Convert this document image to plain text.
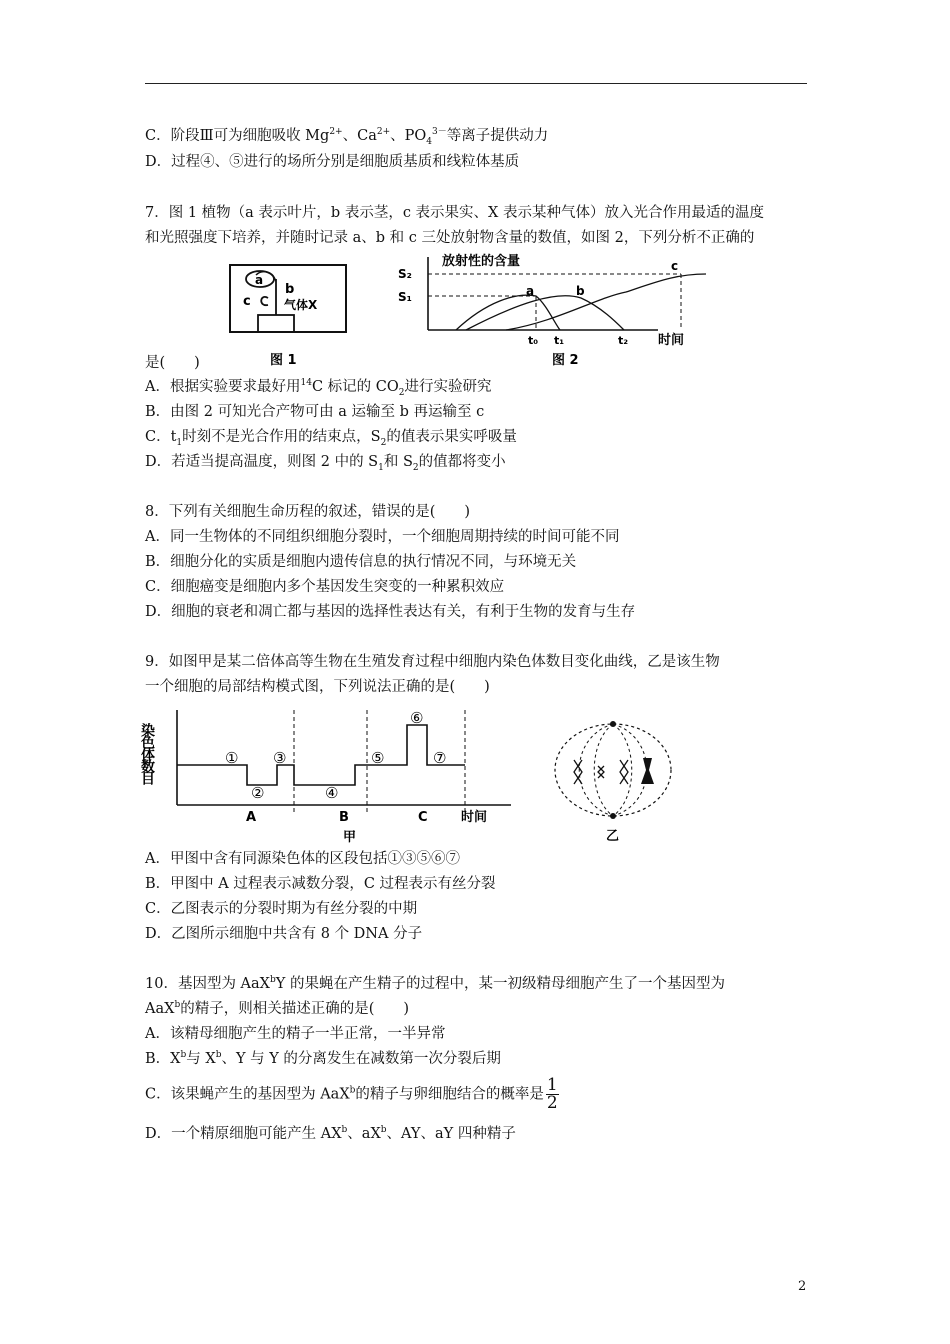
C．阶段Ⅲ可为细胞吸收 $Mg^{2+}$、$Ca^{2+}$、$PO_4^{3-}$等离子提供动力
D．过程④、⑤进行的场所分别是细胞质基质和线粒体基质
7．图 1 植物（a 表示叶片，b 表示茎，c 表示果实、X 表示某种气体）放入光合作用最适的温度
和光照强度下培养，并随时记录 a、b 和 c 三处放射物含量的数值，如图 2，下列分析不正确的
a
b
c	气体X
图 1
放射性的含量
S₂
S₁	a	b
c
t₀ t₁	t₂ 时间
图 2
是(　　)
A．根据实验要求最好用$^{14}$C 标记的 $CO_2$进行实验研究
B．由图 2 可知光合产物可由 a 运输至 b 再运输至 c
C．$t_1$时刻不是光合作用的结束点，$S_2$的值表示果实呼吸量
D．若适当提高温度，则图 2 中的 $S_1$和 $S_2$的值都将变小
8．下列有关细胞生命历程的叙述，错误的是(　　)
A．同一生物体的不同组织细胞分裂时，一个细胞周期持续的时间可能不同
B．细胞分化的实质是细胞内遗传信息的执行情况不同，与环境无关
C．细胞癌变是细胞内多个基因发生突变的一种累积效应
D．细胞的衰老和凋亡都与基因的选择性表达有关，有利于生物的发育与生存
9．如图甲是某二倍体高等生物在生殖发育过程中细胞内染色体数目变化曲线，乙是该生物
一个细胞的局部结构模式图，下列说法正确的是(　　)
染色体数目	①
②
③
④
⑤
⑥
⑦
A	B	C	时间
甲	乙
A．甲图中含有同源染色体的区段包括①③⑤⑥⑦
B．甲图中 A 过程表示减数分裂，C 过程表示有丝分裂
C．乙图表示的分裂时期为有丝分裂的中期
D．乙图所示细胞中共含有 8 个 DNA 分子
10．基因型为 AaX$^b$Y 的果蝇在产生精子的过程中，某一初级精母细胞产生了一个基因型为
AaX$^b$的精子，则相关描述正确的是(　　)
A．该精母细胞产生的精子一半正常，一半异常
B．$X^b$与 $X^b$、Y 与 Y 的分离发生在减数第一次分裂后期
C．该果蝇产生的基因型为 AaX$^b$的精子与卵细胞结合的概率是 $\frac{1}{2}$
D．一个精原细胞可能产生 $AX^b$、$aX^b$、AY、aY 四种精子
2
